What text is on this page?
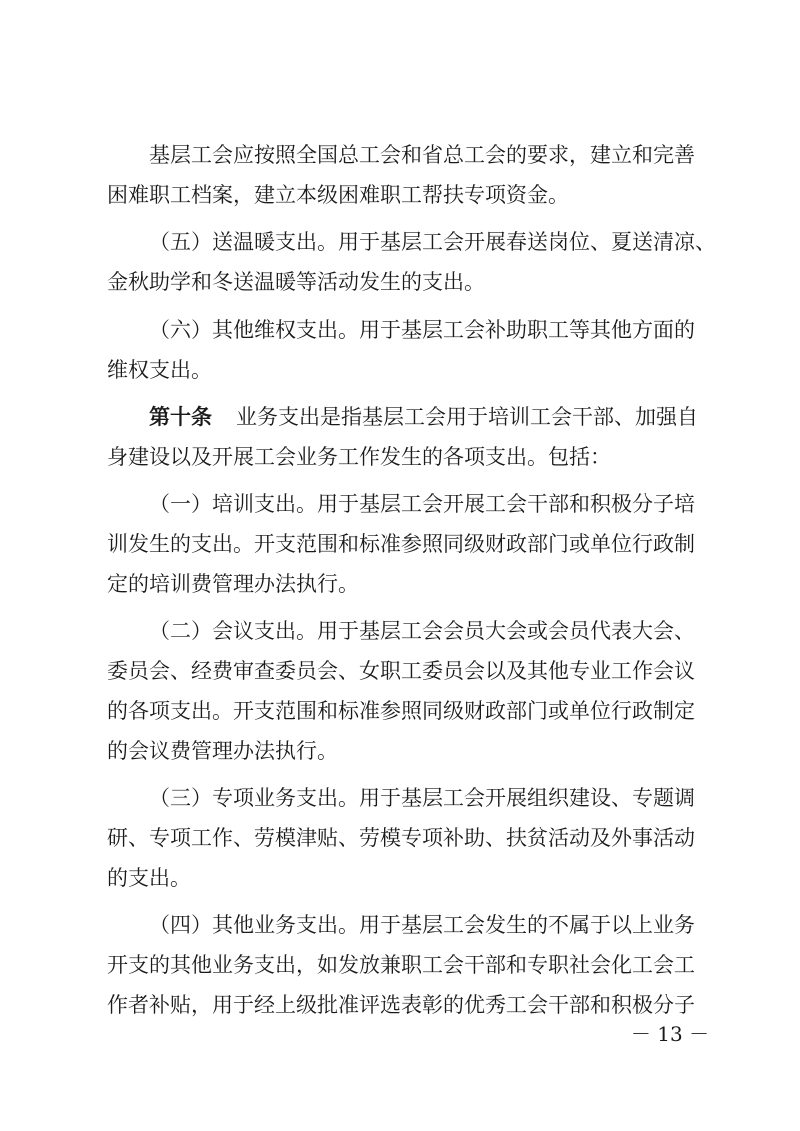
基层工会应按照全国总工会和省总工会的要求，建立和完善
困难职工档案，建立本级困难职工帮扶专项资金。
（五）送温暖支出。用于基层工会开展春送岗位、夏送清凉、
金秋助学和冬送温暖等活动发生的支出。
（六）其他维权支出。用于基层工会补助职工等其他方面的
维权支出。
第十条 业务支出是指基层工会用于培训工会干部、加强自
身建设以及开展工会业务工作发生的各项支出。包括：
（一）培训支出。用于基层工会开展工会干部和积极分子培
训发生的支出。开支范围和标准参照同级财政部门或单位行政制
定的培训费管理办法执行。
（二）会议支出。用于基层工会会员大会或会员代表大会、
委员会、经费审查委员会、女职工委员会以及其他专业工作会议
的各项支出。开支范围和标准参照同级财政部门或单位行政制定
的会议费管理办法执行。
（三）专项业务支出。用于基层工会开展组织建设、专题调
研、专项工作、劳模津贴、劳模专项补助、扶贫活动及外事活动
的支出。
（四）其他业务支出。用于基层工会发生的不属于以上业务
开支的其他业务支出，如发放兼职工会干部和专职社会化工会工
作者补贴，用于经上级批准评选表彰的优秀工会干部和积极分子
－ 13 －
